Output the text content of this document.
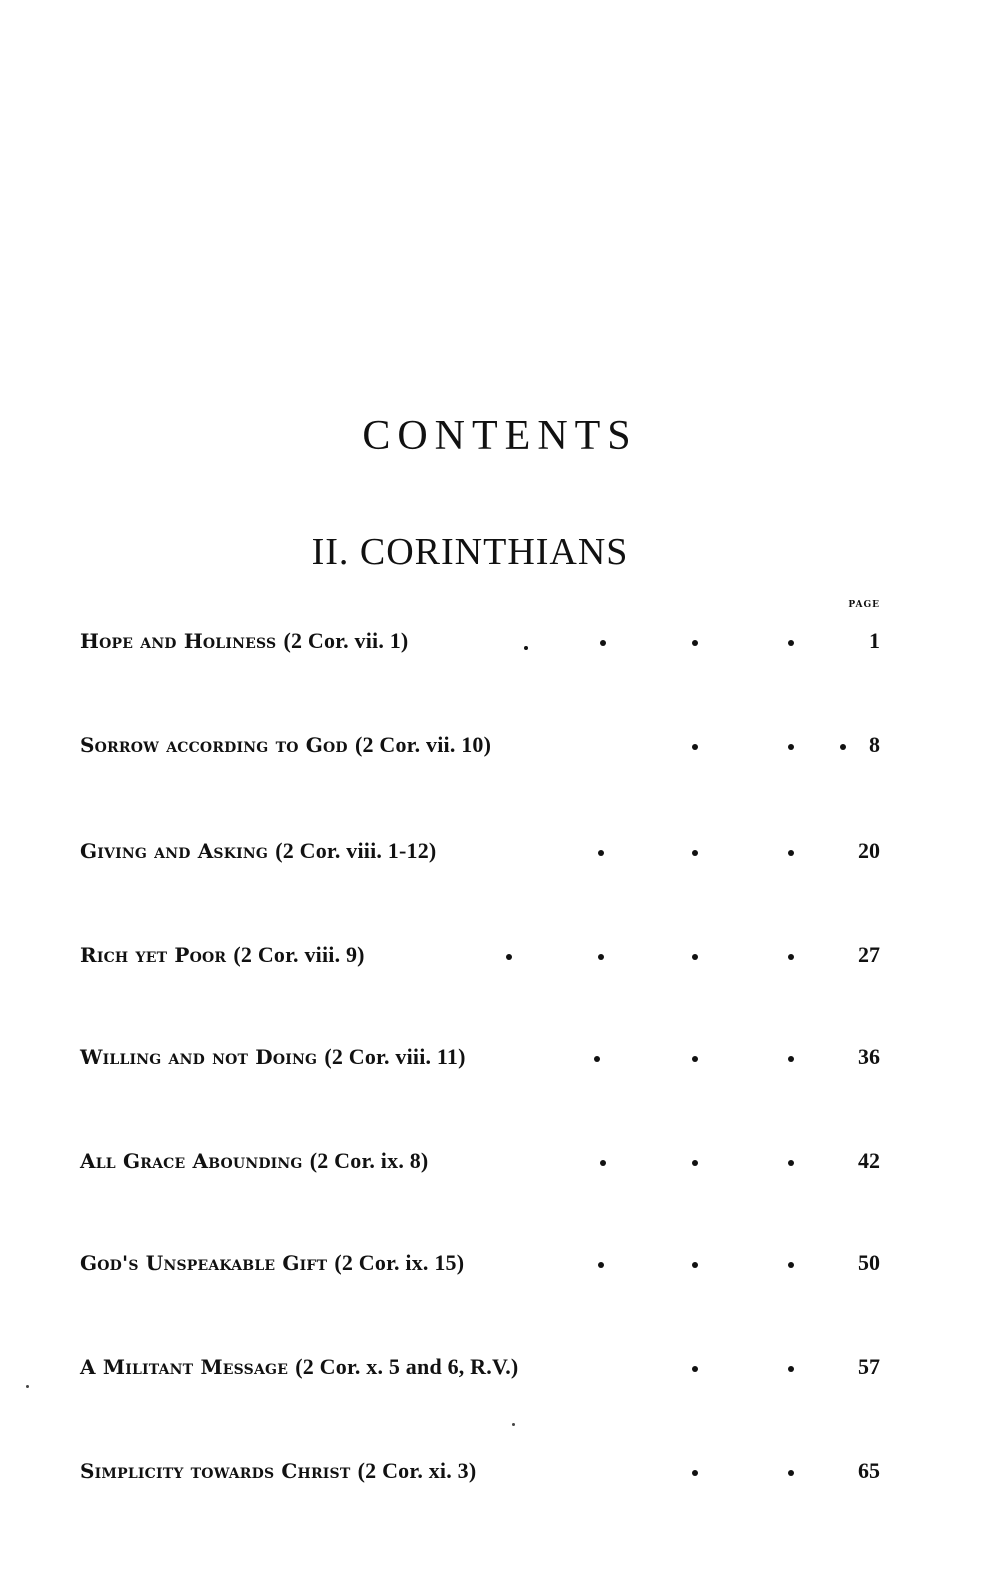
CONTENTS
II. CORINTHIANS
PAGE
Hope and Holiness (2 Cor. vii. 1)	1
Sorrow according to God (2 Cor. vii. 10)	8
Giving and Asking (2 Cor. viii. 1-12)	20
Rich yet Poor (2 Cor. viii. 9)	27
Willing and not Doing (2 Cor. viii. 11)	36
All Grace Abounding (2 Cor. ix. 8)	42
God's Unspeakable Gift (2 Cor. ix. 15)	50
A Militant Message (2 Cor. x. 5 and 6, R.V.)	57
Simplicity towards Christ (2 Cor. xi. 3)	65
